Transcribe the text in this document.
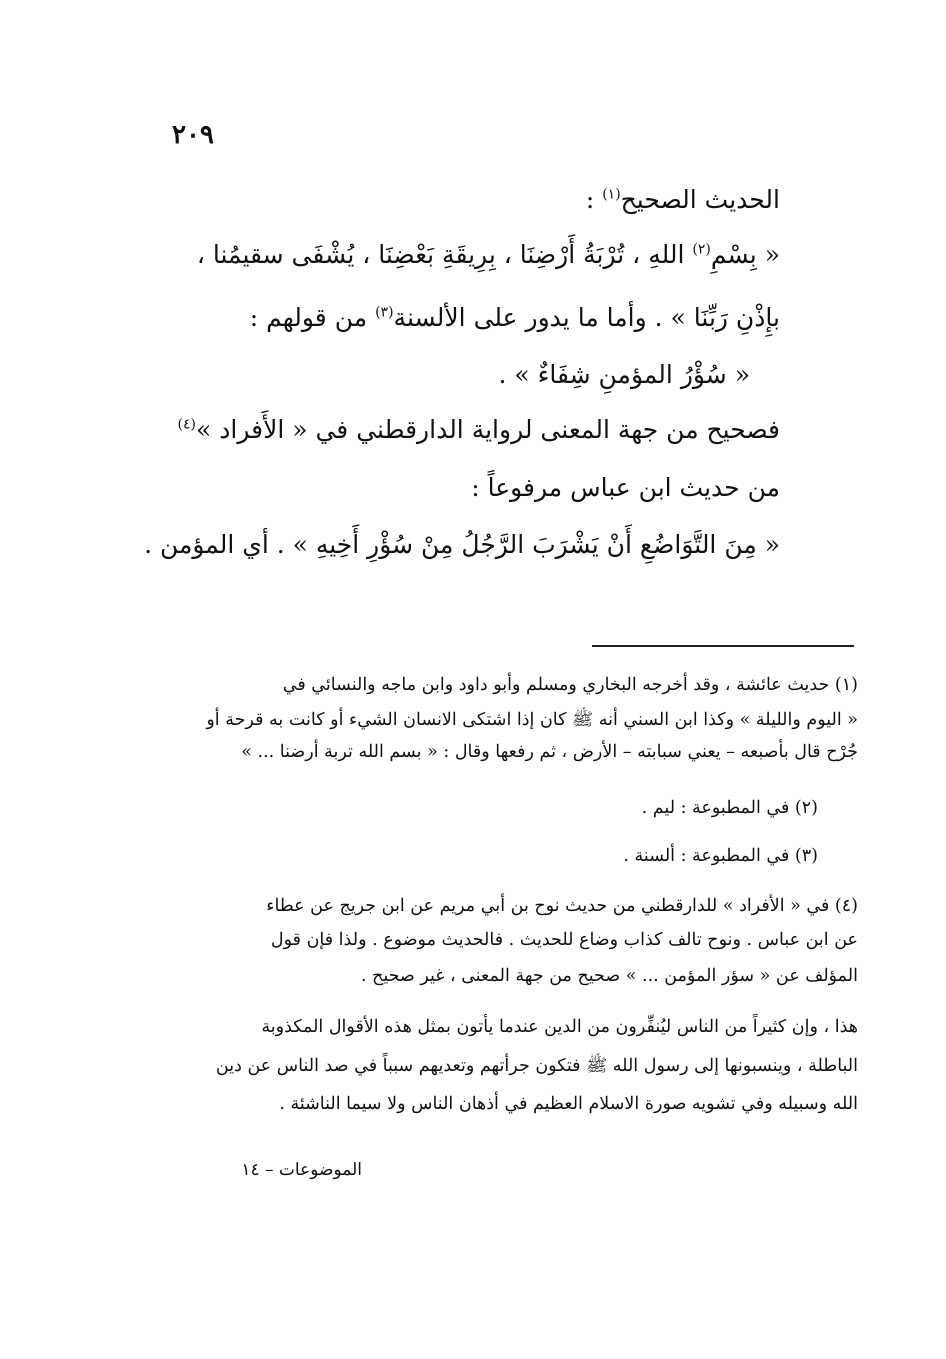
٢٠٩
الحديث الصحيح$^{(١)}$ :
« بِسْمِ$^{(٢)}$ اللهِ ، تُرْبَةُ أَرْضِنَا ، بِرِيقَةِ بَعْضِنَا ، يُشْفَى سقيمُنا ،
بإِذْنِ رَبِّنَا » . وأما ما يدور على الألسنة$^{(٣)}$ من قولهم :
« سُؤْرُ المؤمنِ شِفَاءٌ » .
فصحيح من جهة المعنى لرواية الدارقطني في « الأَفراد »$^{(٤)}$
من حديث ابن عباس مرفوعاً :
« مِنَ التَّوَاضُعِ أَنْ يَشْرَبَ الرَّجُلُ مِنْ سُؤْرِ أَخِيهِ » . أي المؤمن .
(١) حديث عائشة ، وقد أخرجه البخاري ومسلم وأبو داود وابن ماجه والنسائي في
« اليوم والليلة » وكذا ابن السني أنه ﷺ كان إذا اشتكى الانسان الشيء أو كانت به قرحة أو
جُرْح قال بأصبعه – يعني سبابته – الأرض ، ثم رفعها وقال : « بسم الله تربة أرضنا ... »
(٢) في المطبوعة : ليم .
(٣) في المطبوعة : ألسنة .
(٤) في « الأفراد » للدارقطني من حديث نوح بن أبي مريم عن ابن جريج عن عطاء
عن ابن عباس . ونوح تالف كذاب وضاع للحديث . فالحديث موضوع . ولذا فإن قول
المؤلف عن « سؤر المؤمن ... » صحيح من جهة المعنى ، غير صحيح .
هذا ، وإن كثيراً من الناس ليُنفِّرون من الدين عندما يأتون بمثل هذه الأقوال المكذوبة
الباطلة ، وينسبونها إلى رسول الله ﷺ فتكون جرأتهم وتعديهم سبباً في صد الناس عن دين
الله وسبيله وفي تشويه صورة الاسلام العظيم في أذهان الناس ولا سيما الناشئة .
الموضوعات – ١٤
